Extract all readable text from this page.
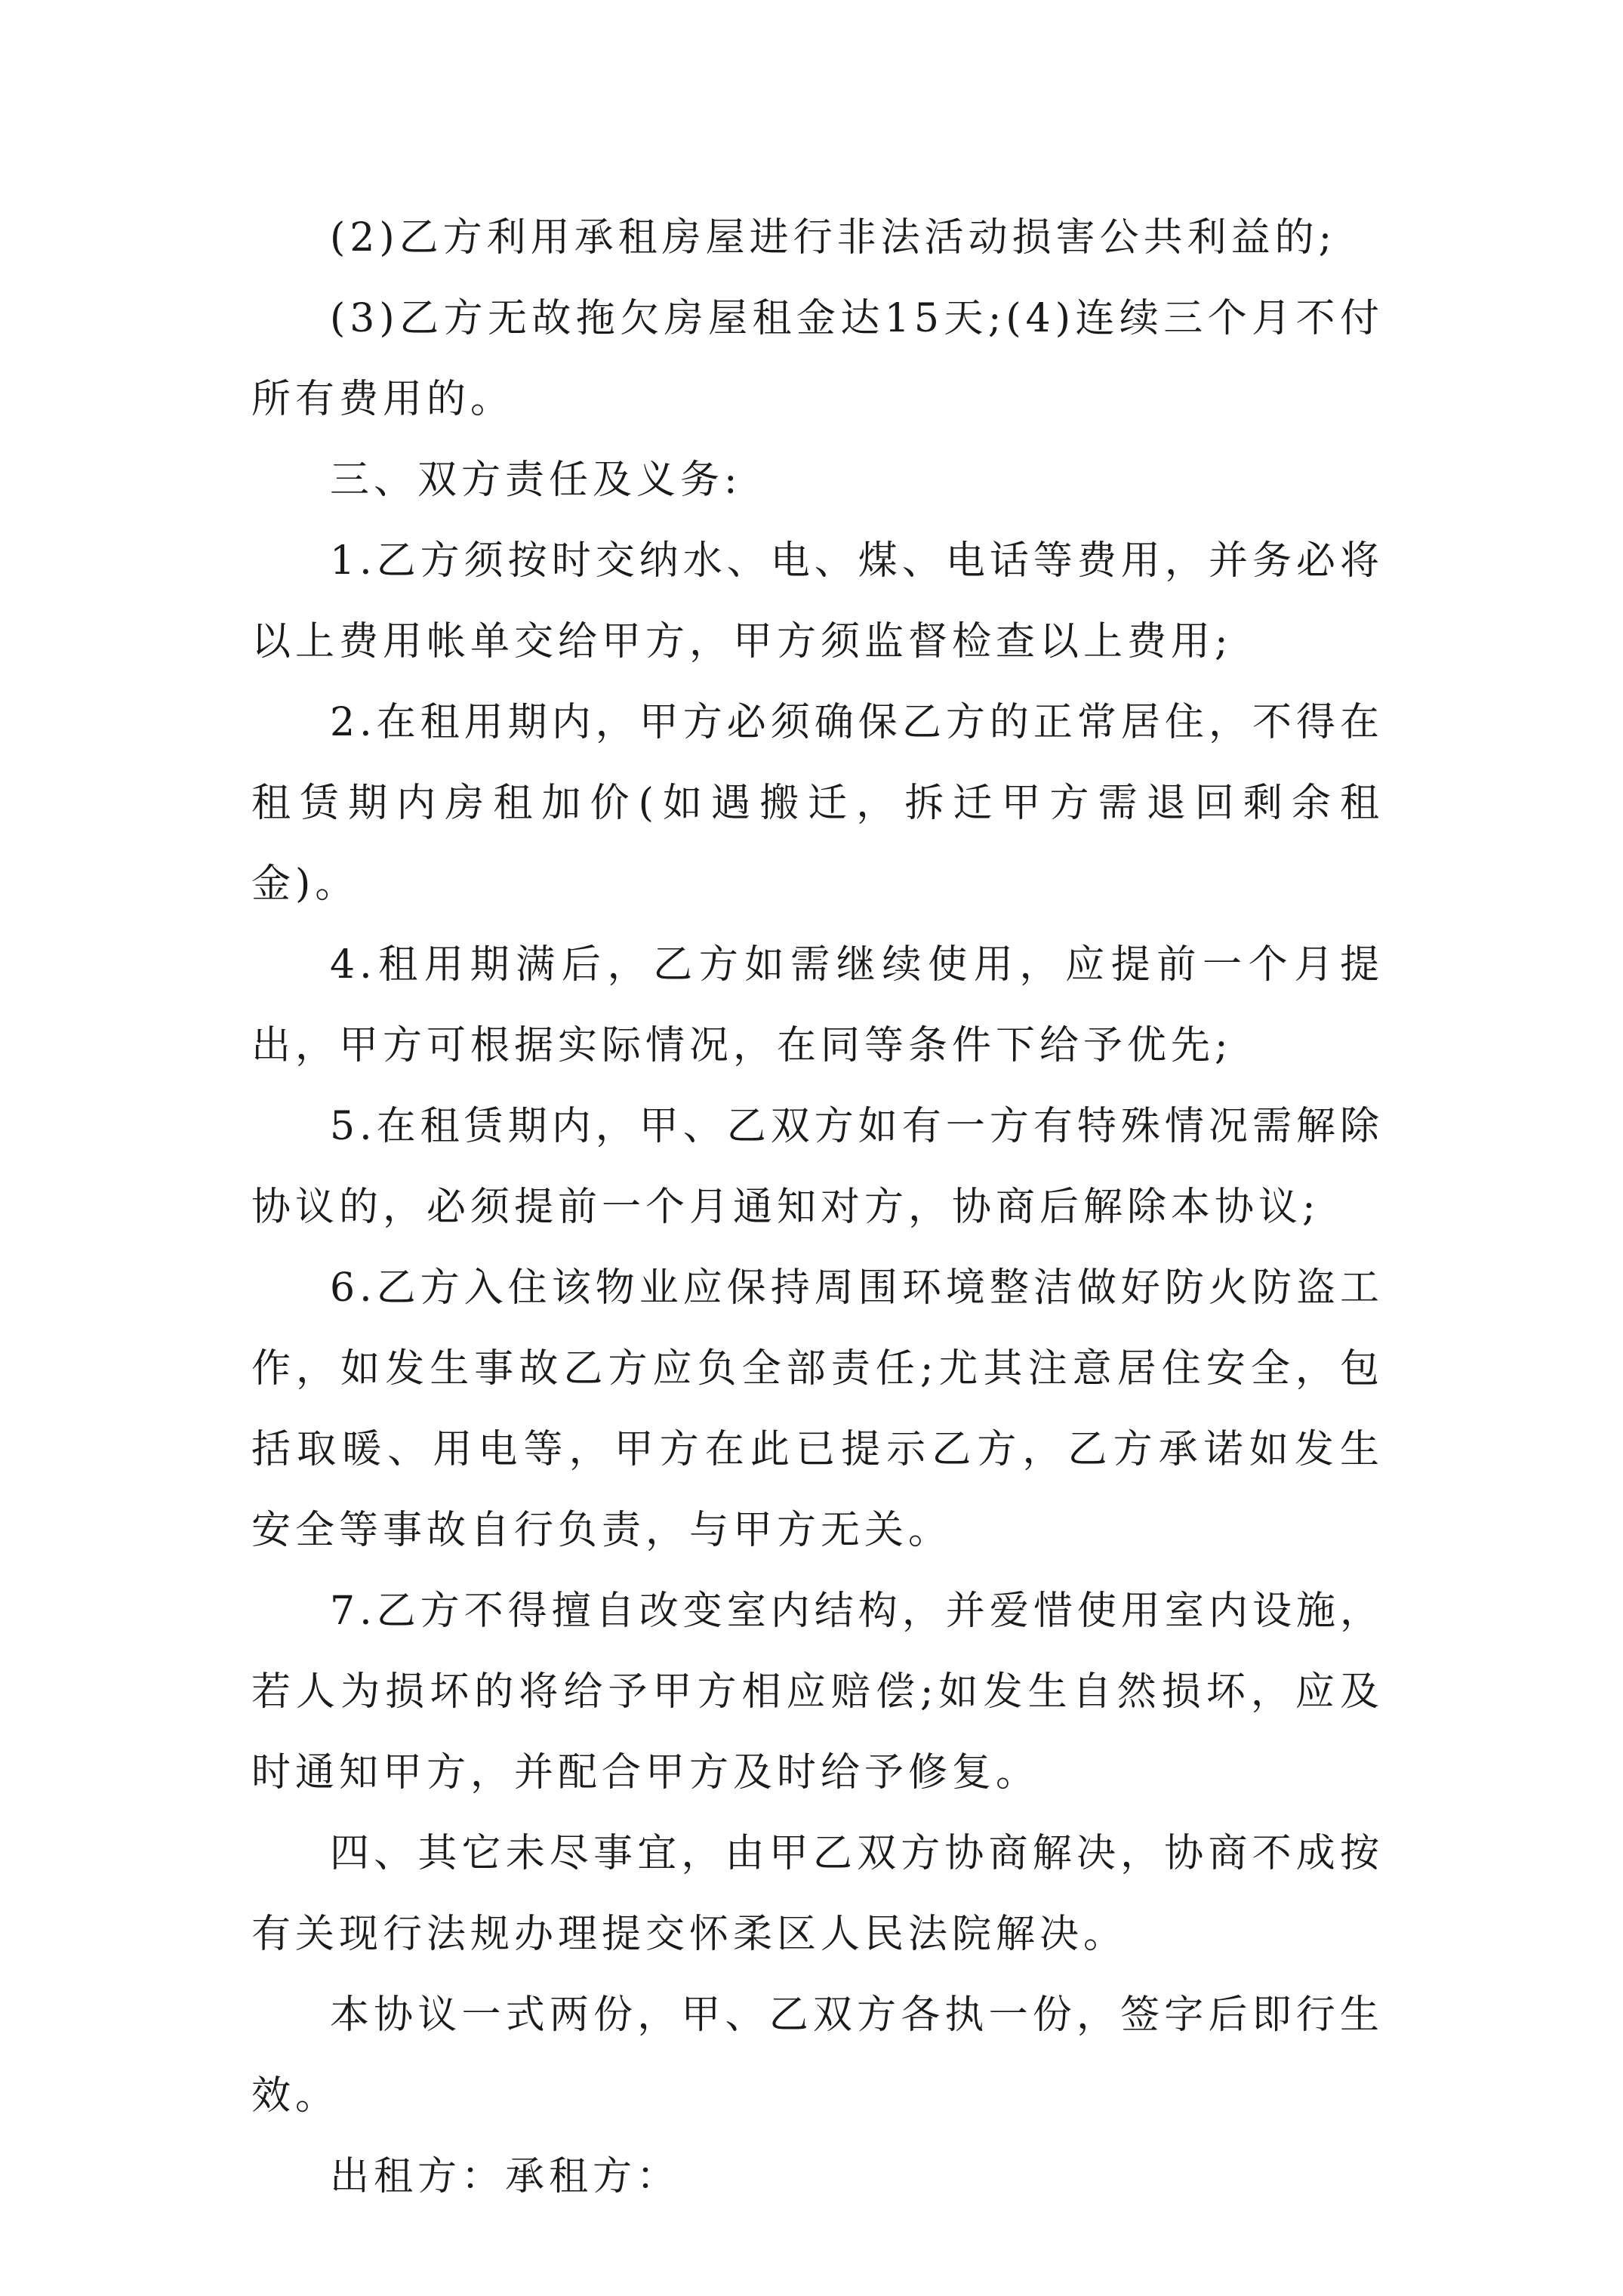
(2)乙方利用承租房屋进行非法活动损害公共利益的;

(3)乙方无故拖欠房屋租金达15天;(4)连续三个月不付所有费用的。

三、双方责任及义务:

1.乙方须按时交纳水、电、煤、电话等费用，并务必将以上费用帐单交给甲方，甲方须监督检查以上费用;

2.在租用期内，甲方必须确保乙方的正常居住，不得在租赁期内房租加价(如遇搬迁，拆迁甲方需退回剩余租金)。

4.租用期满后，乙方如需继续使用，应提前一个月提出，甲方可根据实际情况，在同等条件下给予优先;

5.在租赁期内，甲、乙双方如有一方有特殊情况需解除协议的，必须提前一个月通知对方，协商后解除本协议;

6.乙方入住该物业应保持周围环境整洁做好防火防盗工作，如发生事故乙方应负全部责任;尤其注意居住安全，包括取暖、用电等，甲方在此已提示乙方，乙方承诺如发生安全等事故自行负责，与甲方无关。

7.乙方不得擅自改变室内结构，并爱惜使用室内设施，若人为损坏的将给予甲方相应赔偿;如发生自然损坏，应及时通知甲方，并配合甲方及时给予修复。

四、其它未尽事宜，由甲乙双方协商解决，协商不成按有关现行法规办理提交怀柔区人民法院解决。

本协议一式两份，甲、乙双方各执一份，签字后即行生效。

出租方：承租方：
